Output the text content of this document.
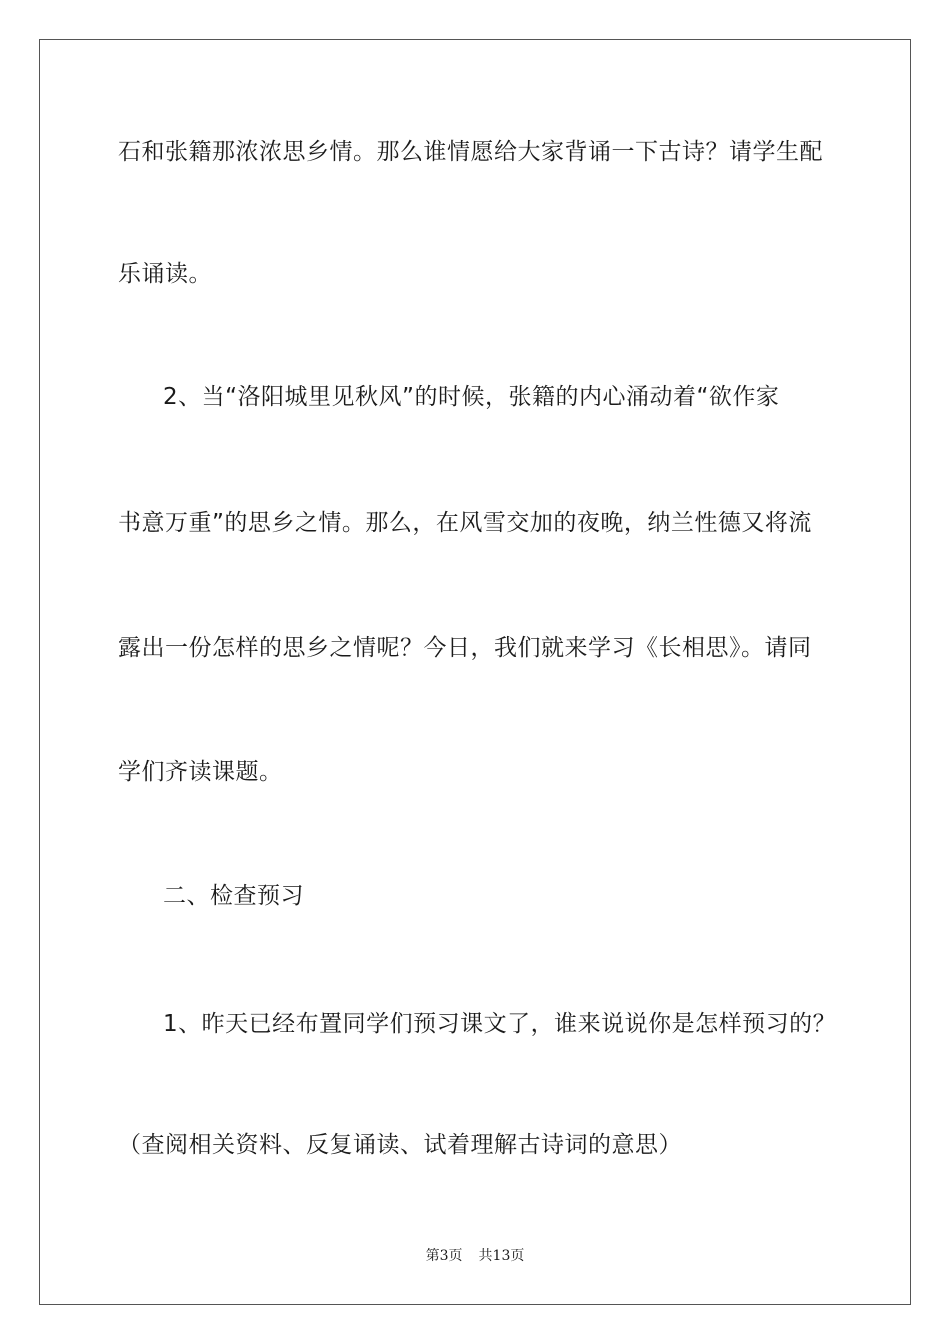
石和张籍那浓浓思乡情。那么谁情愿给大家背诵一下古诗？请学生配
乐诵读。
2、当“洛阳城里见秋风”的时候，张籍的内心涌动着“欲作家
书意万重”的思乡之情。那么，在风雪交加的夜晚，纳兰性德又将流
露出一份怎样的思乡之情呢？今日，我们就来学习《长相思》。请同
学们齐读课题。
二、检查预习
1、昨天已经布置同学们预习课文了，谁来说说你是怎样预习的？
（查阅相关资料、反复诵读、试着理解古诗词的意思）
第3页 共13页
